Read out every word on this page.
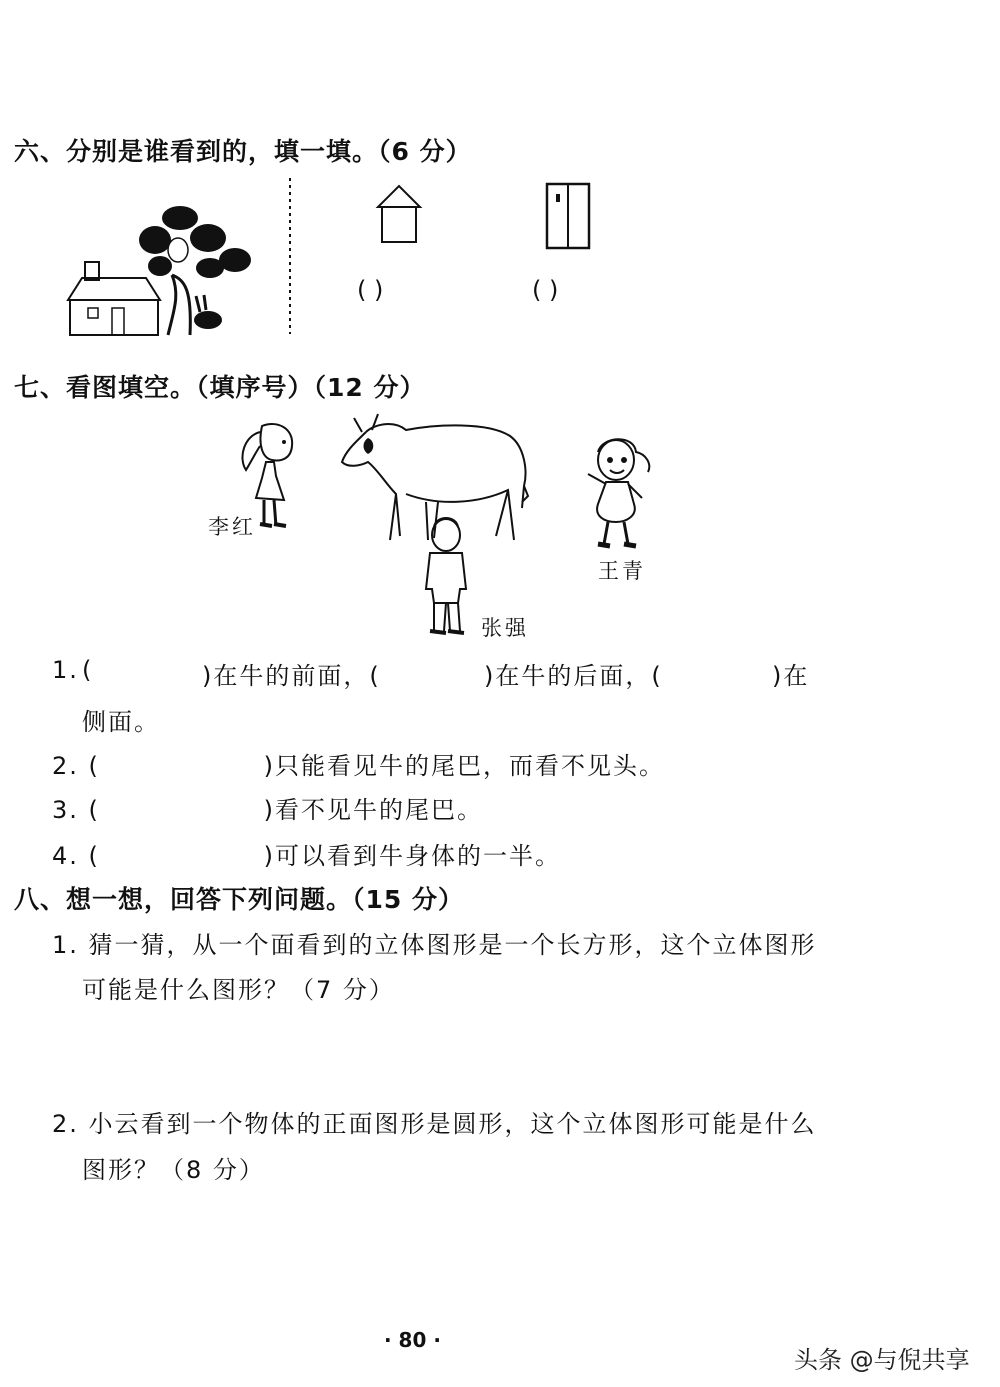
六、分别是谁看到的，填一填。（6 分）
( )	( )
七、看图填空。（填序号）（12 分）
李红
张强
王青
1. (	)在牛的前面，(	)在牛的后面，(	)在
侧面。
2. (                 )只能看见牛的尾巴，而看不见头。
3. (                 )看不见牛的尾巴。
4. (                 )可以看到牛身体的一半。
八、想一想，回答下列问题。（15 分）
1. 猜一猜，从一个面看到的立体图形是一个长方形，这个立体图形
可能是什么图形？（7 分）
2. 小云看到一个物体的正面图形是圆形，这个立体图形可能是什么
图形？（8 分）
· 80 ·
头条 @与倪共享
